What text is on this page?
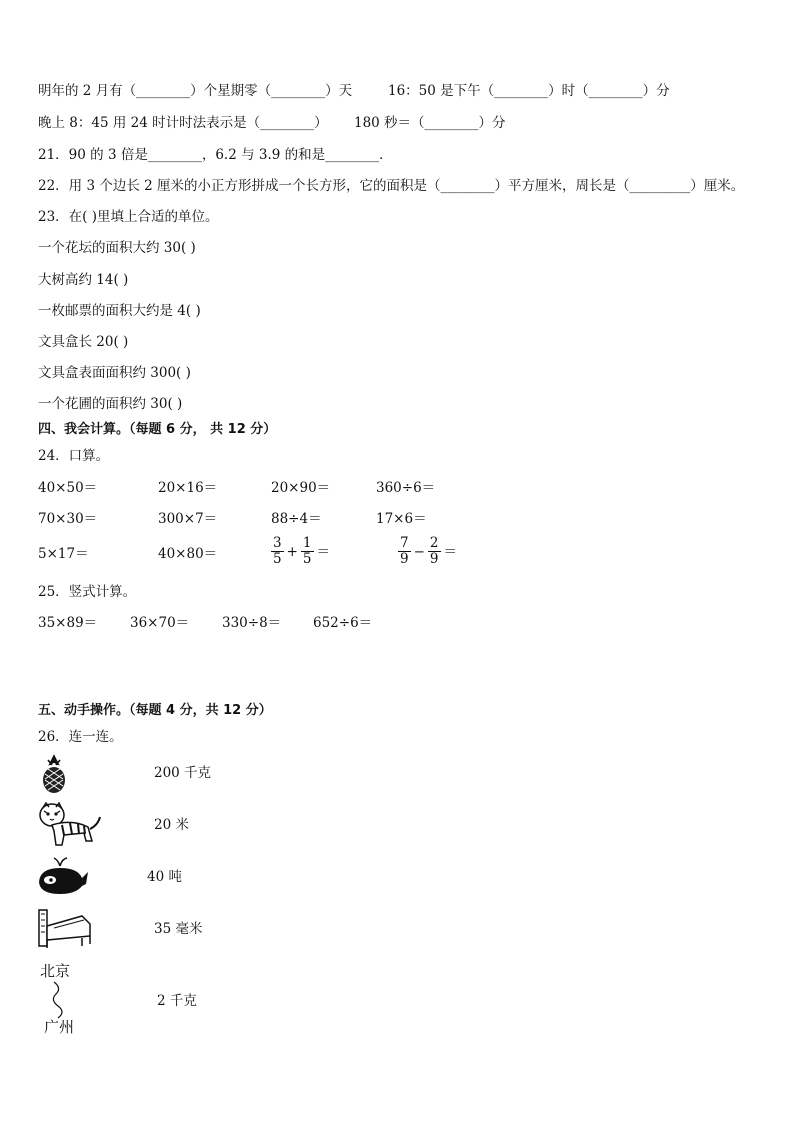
明年的 2 月有（________）个星期零（________）天	16：50 是下午（________）时（________）分
晚上 8：45 用 24 时计时法表示是（________） 180 秒＝（________）分
21．90 的 3 倍是________，6.2 与 3.9 的和是________．
22．用 3 个边长 2 厘米的小正方形拼成一个长方形，它的面积是（________）平方厘米，周长是（_________）厘米。
23．在( )里填上合适的单位。
一个花坛的面积大约 30( )
大树高约 14( )
一枚邮票的面积大约是 4( )
文具盒长 20( )
文具盒表面面积约 300( )
一个花圃的面积约 30( )
四、我会计算。（每题 6 分， 共 12 分）
24．口算。
40×50＝	20×16＝	20×90＝	360÷6＝
70×30＝	300×7＝	88÷4＝	17×6＝
5×17＝	40×80＝	$\frac{3}{5} + \frac{1}{5}$ ＝	$\frac{7}{9} - \frac{2}{9}$ ＝
25．竖式计算。
35×89＝ 36×70＝ 330÷8＝ 652÷6＝
五、动手操作。（每题 4 分，共 12 分）
26．连一连。
北京
广州
200 千克
20 米
40 吨
35 毫米
2 千克
